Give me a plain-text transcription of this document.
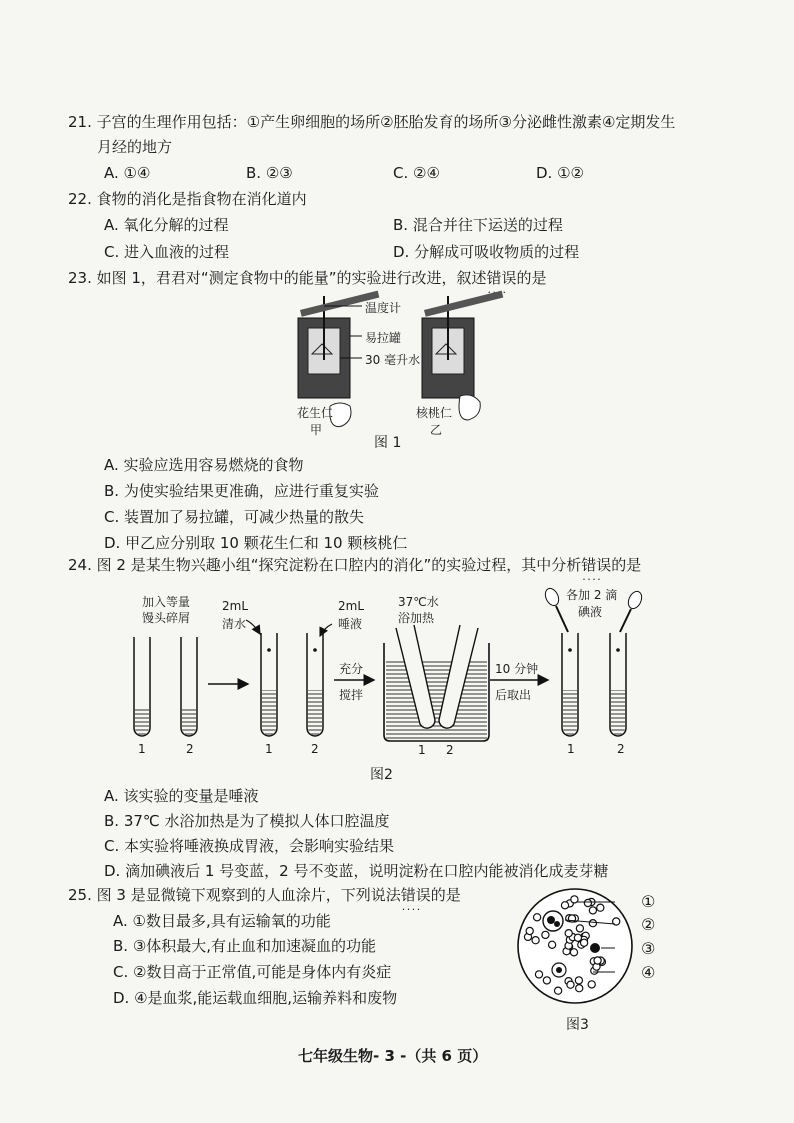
21. 子宫的生理作用包括：①产生卵细胞的场所②胚胎发育的场所③分泌雌性激素④定期发生
月经的地方
A. ①④	B. ②③	C. ②④	D. ①②
22. 食物的消化是指食物在消化道内
A. 氧化分解的过程	B. 混合并往下运送的过程
C. 进入血液的过程	D. 分解成可吸收物质的过程
23. 如图 1，君君对“测定食物中的能量”的实验进行改进，叙述错误 · · · ·的是
温度计
易拉罐
30 毫升水
花生仁
甲
核桃仁
乙
图 1
A. 实验应选用容易燃烧的食物
B. 为使实验结果更准确，应进行重复实验
C. 装置加了易拉罐，可减少热量的散失
D. 甲乙应分别取 10 颗花生仁和 10 颗核桃仁
24. 图 2 是某生物兴趣小组“探究淀粉在口腔内的消化”的实验过程，其中分析错误 · · · ·的是
加入等量
馒头碎屑
2mL
清水
2mL
唾液
37℃水
浴加热
各加 2 滴
碘液
充分
搅拌
10 分钟
后取出
1	2	1	2	1 2	1	2
图2
A. 该实验的变量是唾液
B. 37℃ 水浴加热是为了模拟人体口腔温度
C. 本实验将唾液换成胃液，会影响实验结果
D. 滴加碘液后 1 号变蓝，2 号不变蓝，说明淀粉在口腔内能被消化成麦芽糖
25. 图 3 是显微镜下观察到的人血涂片，下列说法错误 · · · ·的是
A. ①数目最多,具有运输氧的功能
B. ③体积最大,有止血和加速凝血的功能
C. ②数目高于正常值,可能是身体内有炎症
D. ④是血浆,能运载血细胞,运输养料和废物
①
②
③
④
图3
七年级生物- 3 -（共 6 页）
